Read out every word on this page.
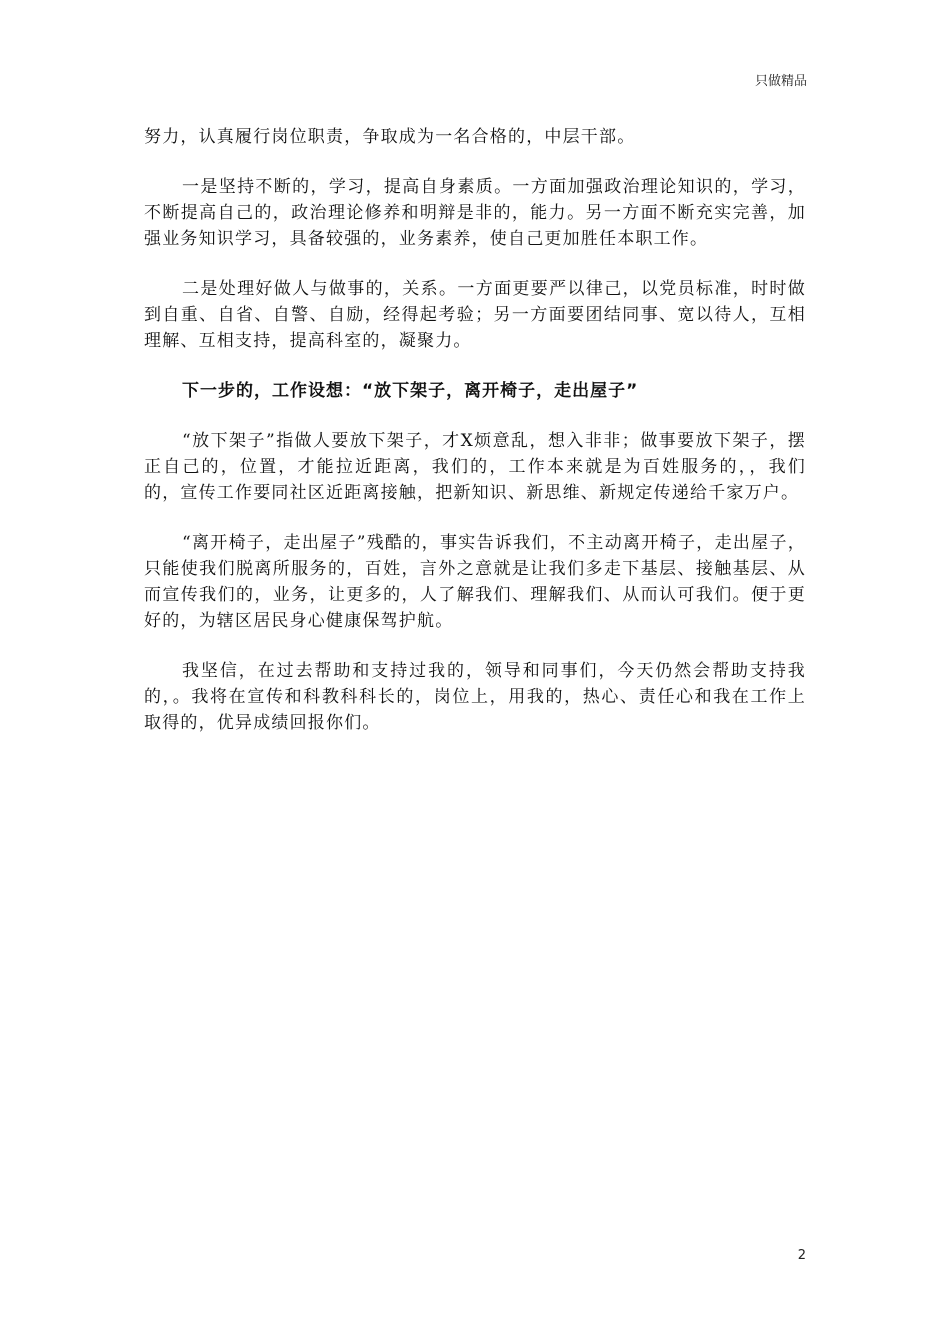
只做精品

努力，认真履行岗位职责，争取成为一名合格的，中层干部。

一是坚持不断的，学习，提高自身素质。一方面加强政治理论知识的，学习，不断提高自己的，政治理论修养和明辩是非的，能力。另一方面不断充实完善，加强业务知识学习，具备较强的，业务素养，使自己更加胜任本职工作。

二是处理好做人与做事的，关系。一方面更要严以律己，以党员标准，时时做到自重、自省、自警、自励，经得起考验；另一方面要团结同事、宽以待人，互相理解、互相支持，提高科室的，凝聚力。

下一步的，工作设想：“放下架子，离开椅子，走出屋子”

“放下架子”指做人要放下架子，才X烦意乱，想入非非；做事要放下架子，摆正自己的，位置，才能拉近距离，我们的，工作本来就是为百姓服务的，，我们的，宣传工作要同社区近距离接触，把新知识、新思维、新规定传递给千家万户。

“离开椅子，走出屋子”残酷的，事实告诉我们，不主动离开椅子，走出屋子，只能使我们脱离所服务的，百姓，言外之意就是让我们多走下基层、接触基层、从而宣传我们的，业务，让更多的，人了解我们、理解我们、从而认可我们。便于更好的，为辖区居民身心健康保驾护航。

我坚信，在过去帮助和支持过我的，领导和同事们，今天仍然会帮助支持我的，。我将在宣传和科教科科长的，岗位上，用我的，热心、责任心和我在工作上取得的，优异成绩回报你们。

2
